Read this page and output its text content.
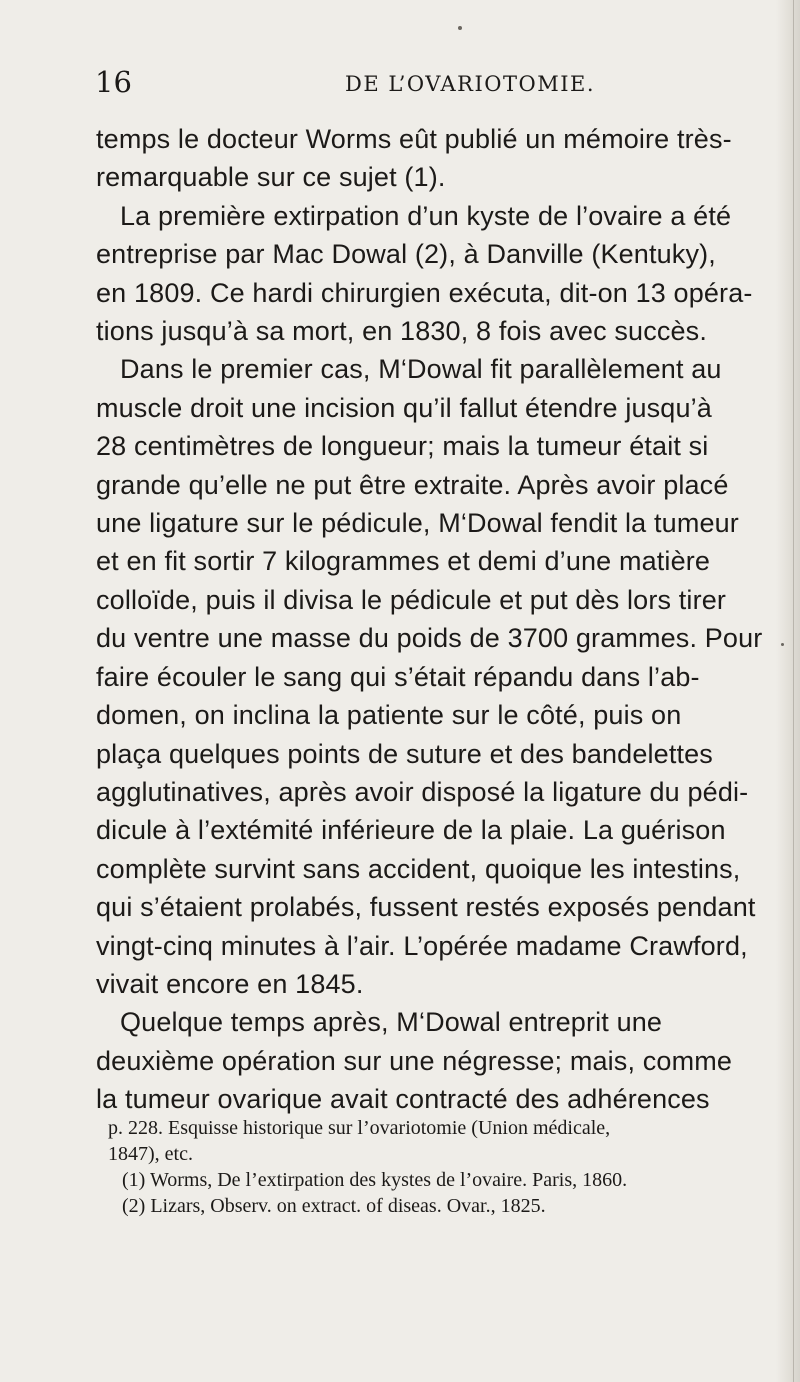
16	DE L’OVARIOTOMIE.
temps le docteur Worms eût publié un mémoire très-
remarquable sur ce sujet (1).
La première extirpation d’un kyste de l’ovaire a été
entreprise par Mac Dowal (2), à Danville (Kentuky),
en 1809. Ce hardi chirurgien exécuta, dit-on 13 opéra-
tions jusqu’à sa mort, en 1830, 8 fois avec succès.
Dans le premier cas, M‘Dowal fit parallèlement au
muscle droit une incision qu’il fallut étendre jusqu’à
28 centimètres de longueur; mais la tumeur était si
grande qu’elle ne put être extraite. Après avoir placé
une ligature sur le pédicule, M‘Dowal fendit la tumeur
et en fit sortir 7 kilogrammes et demi d’une matière
colloïde, puis il divisa le pédicule et put dès lors tirer
du ventre une masse du poids de 3700 grammes. Pour
faire écouler le sang qui s’était répandu dans l’ab-
domen, on inclina la patiente sur le côté, puis on
plaça quelques points de suture et des bandelettes
agglutinatives, après avoir disposé la ligature du pédi-
dicule à l’extémité inférieure de la plaie. La guérison
complète survint sans accident, quoique les intestins,
qui s’étaient prolabés, fussent restés exposés pendant
vingt-cinq minutes à l’air. L’opérée madame Crawford,
vivait encore en 1845.
Quelque temps après, M‘Dowal entreprit une
deuxième opération sur une négresse; mais, comme
la tumeur ovarique avait contracté des adhérences
p. 228. Esquisse historique sur l’ovariotomie (Union médicale,
1847), etc.
(1) Worms, De l’extirpation des kystes de l’ovaire. Paris, 1860.
(2) Lizars, Observ. on extract. of diseas. Ovar., 1825.
